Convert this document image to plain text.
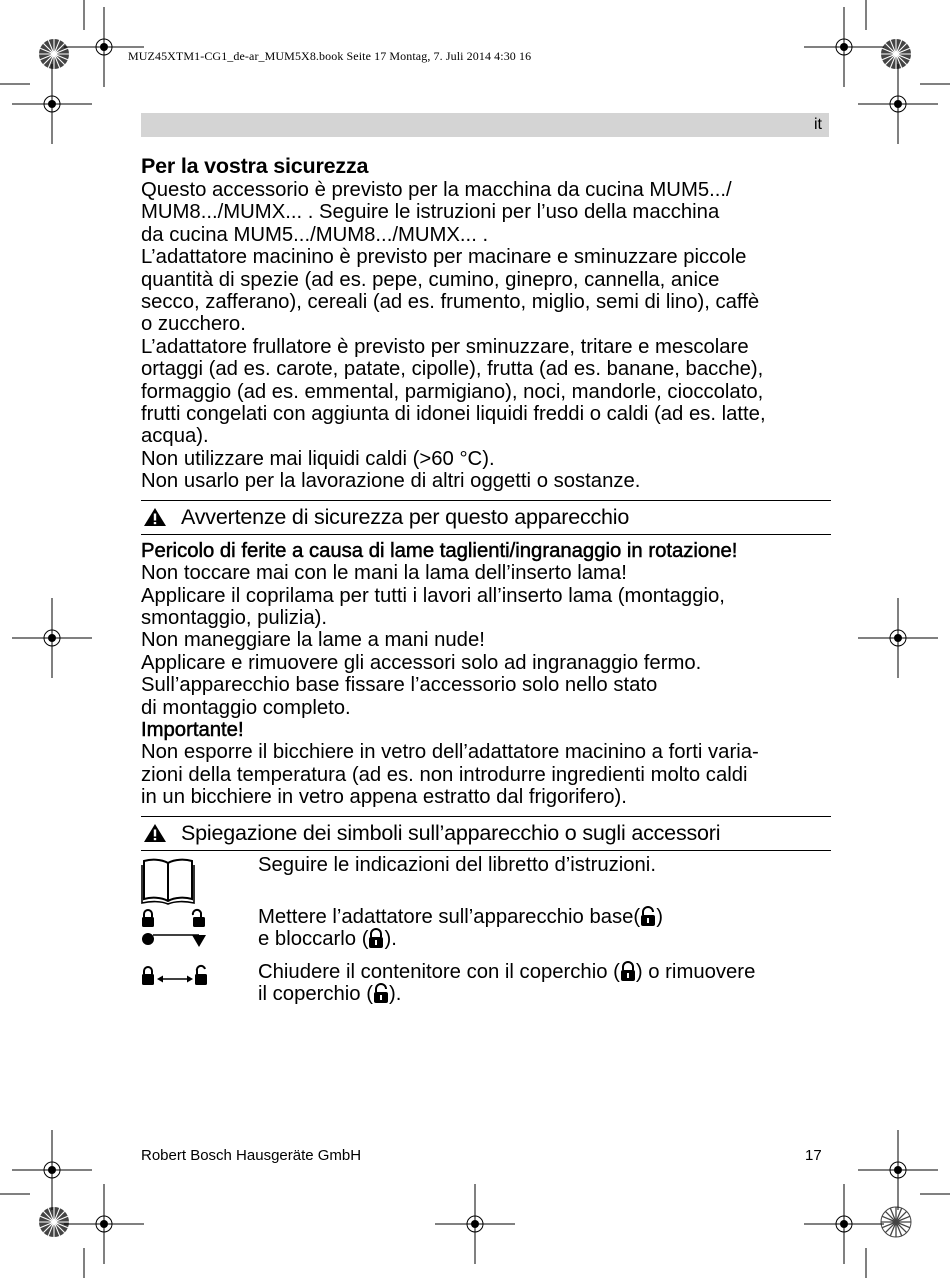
MUZ45XTM1-CG1_de-ar_MUM5X8.book Seite 17 Montag, 7. Juli 2014 4:30 16
it
Per la vostra sicurezza

Questo accessorio è previsto per la macchina da cucina MUM5.../
MUM8.../MUMX... . Seguire le istruzioni per l’uso della macchina
da cucina MUM5.../MUM8.../MUMX... .

L’adattatore macinino è previsto per macinare e sminuzzare piccole
quantità di spezie (ad es. pepe, cumino, ginepro, cannella, anice
secco, zafferano), cereali (ad es. frumento, miglio, semi di lino), caffè
o zucchero.

L’adattatore frullatore è previsto per sminuzzare, tritare e mescolare
ortaggi (ad es. carote, patate, cipolle), frutta (ad es. banane, bacche),
formaggio (ad es. emmental, parmigiano), noci, mandorle, cioccolato,
frutti congelati con aggiunta di idonei liquidi freddi o caldi (ad es. latte,
acqua).

Non utilizzare mai liquidi caldi (>60 °C).

Non usarlo per la lavorazione di altri oggetti o sostanze.

Avvertenze di sicurezza per questo apparecchio
Pericolo di ferite a causa di lame taglienti/ingranaggio in rotazione!
Non toccare mai con le mani la lama dell’inserto lama!
Applicare il coprilama per tutti i lavori all’inserto lama (montaggio,
smontaggio, pulizia).
Non maneggiare la lame a mani nude!
Applicare e rimuovere gli accessori solo ad ingranaggio fermo.
Sull’apparecchio base fissare l’accessorio solo nello stato
di montaggio completo.
Importante!
Non esporre il bicchiere in vetro dell’adattatore macinino a forti varia-
zioni della temperatura (ad es. non introdurre ingredienti molto caldi
in un bicchiere in vetro appena estratto dal frigorifero).
Spiegazione dei simboli sull’apparecchio o sugli accessori
Seguire le indicazioni del libretto d’istruzioni.
Mettere l’adattatore sull’apparecchio base( )
e bloccarlo ( ).
Chiudere il contenitore con il coperchio ( ) o rimuovere
il coperchio ( ).
Robert Bosch Hausgeräte GmbH	17
